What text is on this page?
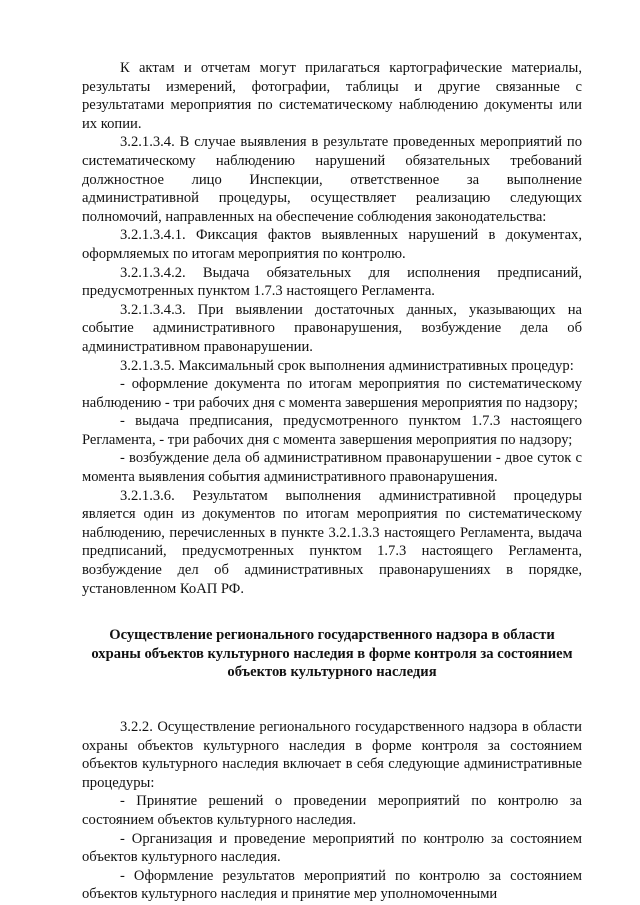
К актам и отчетам могут прилагаться картографические материалы, результаты измерений, фотографии, таблицы и другие связанные с результатами мероприятия по систематическому наблюдению документы или их копии.

3.2.1.3.4. В случае выявления в результате проведенных мероприятий по систематическому наблюдению нарушений обязательных требований должностное лицо Инспекции, ответственное за выполнение административной процедуры, осуществляет реализацию следующих полномочий, направленных на обеспечение соблюдения законодательства:

3.2.1.3.4.1. Фиксация фактов выявленных нарушений в документах, оформляемых по итогам мероприятия по контролю.

3.2.1.3.4.2. Выдача обязательных для исполнения предписаний, предусмотренных пунктом 1.7.3 настоящего Регламента.

3.2.1.3.4.3. При выявлении достаточных данных, указывающих на событие административного правонарушения, возбуждение дела об административном правонарушении.

3.2.1.3.5. Максимальный срок выполнения административных процедур:

- оформление документа по итогам мероприятия по систематическому наблюдению - три рабочих дня с момента завершения мероприятия по надзору;

- выдача предписания, предусмотренного пунктом 1.7.3 настоящего Регламента, - три рабочих дня с момента завершения мероприятия по надзору;

- возбуждение дела об административном правонарушении - двое суток с момента выявления события административного правонарушения.

3.2.1.3.6. Результатом выполнения административной процедуры является один из документов по итогам мероприятия по систематическому наблюдению, перечисленных в пункте 3.2.1.3.3 настоящего Регламента, выдача предписаний, предусмотренных пунктом 1.7.3 настоящего Регламента, возбуждение дел об административных правонарушениях в порядке, установленном КоАП РФ.

Осуществление регионального государственного надзора в области
охраны объектов культурного наследия в форме контроля за состоянием
объектов культурного наследия

3.2.2. Осуществление регионального государственного надзора в области охраны объектов культурного наследия в форме контроля за состоянием объектов культурного наследия включает в себя следующие административные процедуры:

- Принятие решений о проведении мероприятий по контролю за состоянием объектов культурного наследия.

- Организация и проведение мероприятий по контролю за состоянием объектов культурного наследия.

- Оформление результатов мероприятий по контролю за состоянием объектов культурного наследия и принятие мер уполномоченными
